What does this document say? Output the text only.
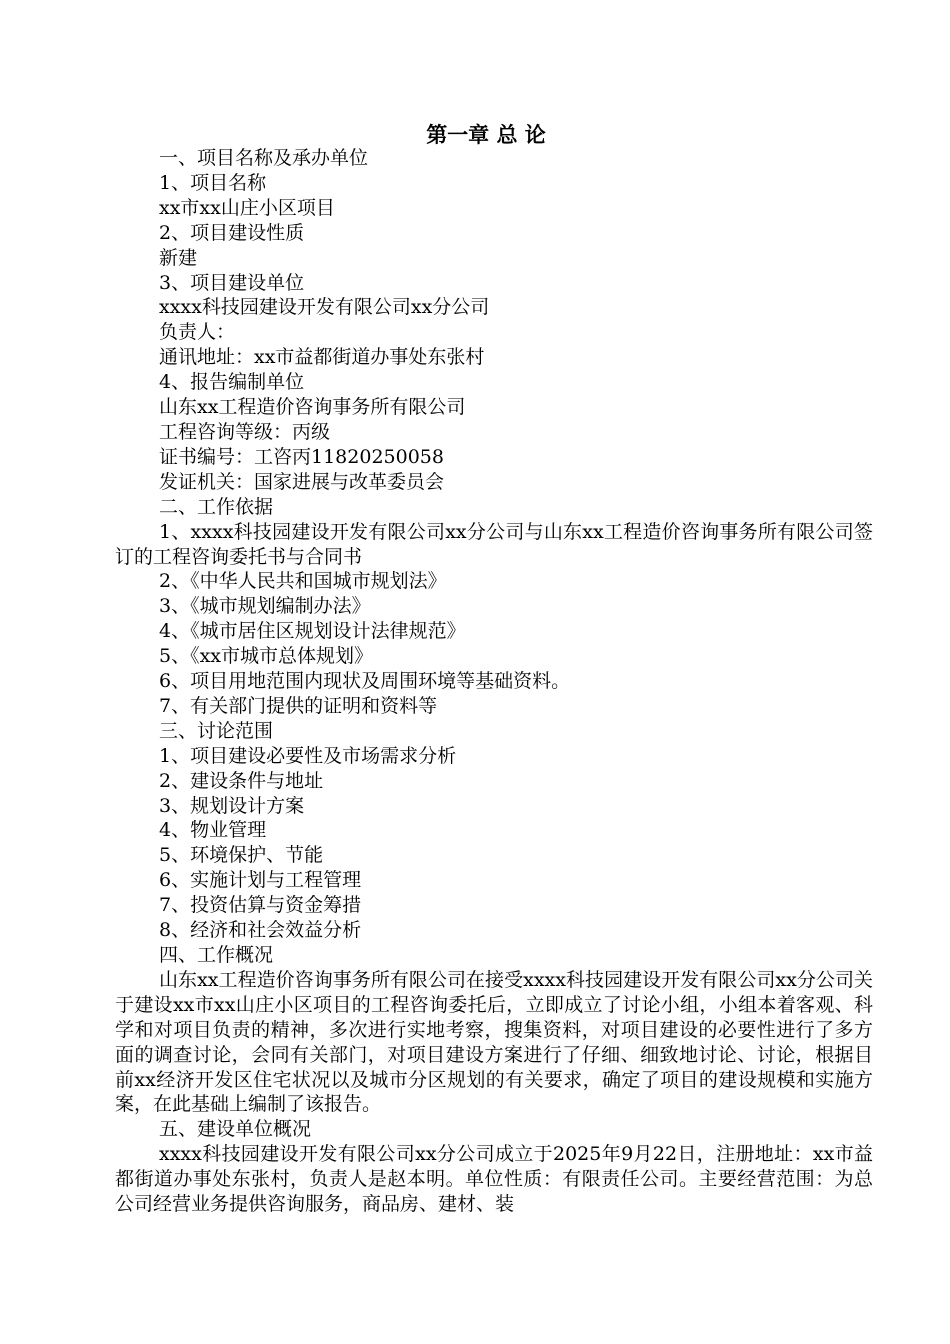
第一章 总 论

一、项目名称及承办单位

1、项目名称

xx市xx山庄小区项目

2、项目建设性质

新建

3、项目建设单位

xxxx科技园建设开发有限公司xx分公司

负责人：

通讯地址：xx市益都街道办事处东张村

4、报告编制单位

山东xx工程造价咨询事务所有限公司

工程咨询等级：丙级

证书编号：工咨丙11820250058

发证机关：国家进展与改革委员会

二、工作依据

1、xxxx科技园建设开发有限公司xx分公司与山东xx工程造价咨询事务所有限公司签订的工程咨询委托书与合同书

2、《中华人民共和国城市规划法》

3、《城市规划编制办法》

4、《城市居住区规划设计法律规范》

5、《xx市城市总体规划》

6、项目用地范围内现状及周围环境等基础资料。

7、有关部门提供的证明和资料等

三、讨论范围

1、项目建设必要性及市场需求分析

2、建设条件与地址

3、规划设计方案

4、物业管理

5、环境保护、节能

6、实施计划与工程管理

7、投资估算与资金筹措

8、经济和社会效益分析

四、工作概况

山东xx工程造价咨询事务所有限公司在接受xxxx科技园建设开发有限公司xx分公司关于建设xx市xx山庄小区项目的工程咨询委托后，立即成立了讨论小组，小组本着客观、科学和对项目负责的精神，多次进行实地考察，搜集资料，对项目建设的必要性进行了多方面的调查讨论，会同有关部门，对项目建设方案进行了仔细、细致地讨论、讨论，根据目前xx经济开发区住宅状况以及城市分区规划的有关要求，确定了项目的建设规模和实施方案，在此基础上编制了该报告。

五、建设单位概况

xxxx科技园建设开发有限公司xx分公司成立于2025年9月22日，注册地址：xx市益都街道办事处东张村，负责人是赵本明。单位性质：有限责任公司。主要经营范围：为总公司经营业务提供咨询服务，商品房、建材、装
